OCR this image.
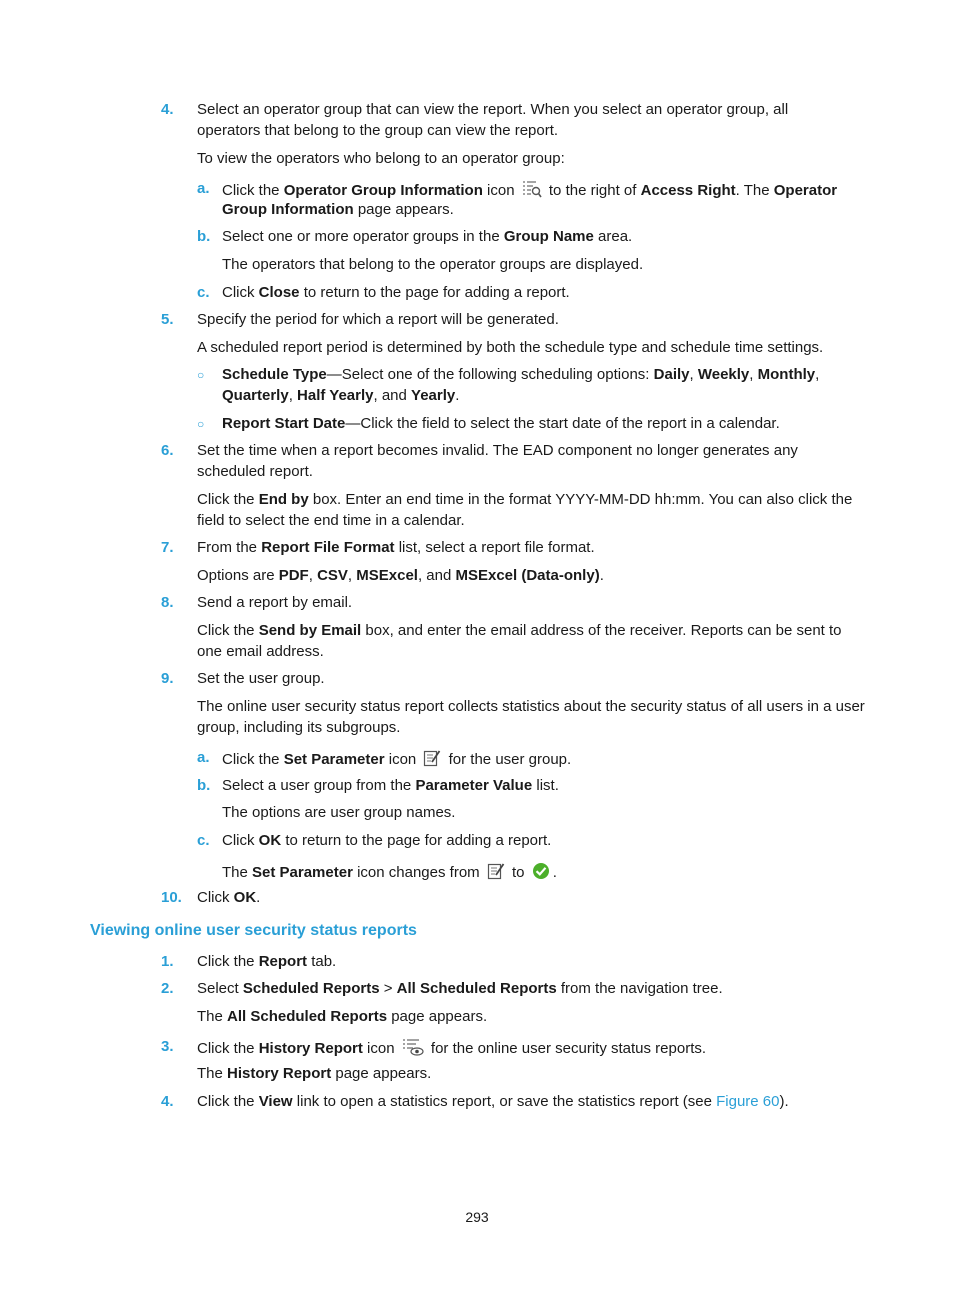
4. Select an operator group that can view the report. When you select an operator group, all
operators that belong to the group can view the report.
To view the operators who belong to an operator group:
a. Click the Operator Group Information icon  to the right of Access Right. The Operator
Group Information page appears.
b. Select one or more operator groups in the Group Name area.
The operators that belong to the operator groups are displayed.
c. Click Close to return to the page for adding a report.
5. Specify the period for which a report will be generated.
A scheduled report period is determined by both the schedule type and schedule time settings.
○ Schedule Type—Select one of the following scheduling options: Daily, Weekly, Monthly,
Quarterly, Half Yearly, and Yearly.
○ Report Start Date—Click the field to select the start date of the report in a calendar.
6. Set the time when a report becomes invalid. The EAD component no longer generates any
scheduled report.
Click the End by box. Enter an end time in the format YYYY-MM-DD hh:mm. You can also click the
field to select the end time in a calendar.
7. From the Report File Format list, select a report file format.
Options are PDF, CSV, MSExcel, and MSExcel (Data-only).
8. Send a report by email.
Click the Send by Email box, and enter the email address of the receiver. Reports can be sent to
one email address.
9. Set the user group.
The online user security status report collects statistics about the security status of all users in a user
group, including its subgroups.
a. Click the Set Parameter icon  for the user group.
b. Select a user group from the Parameter Value list.
The options are user group names.
c. Click OK to return to the page for adding a report.
The Set Parameter icon changes from  to .
10. Click OK.
Viewing online user security status reports
1. Click the Report tab.
2. Select Scheduled Reports > All Scheduled Reports from the navigation tree.
The All Scheduled Reports page appears.
3. Click the History Report icon  for the online user security status reports.
The History Report page appears.
4. Click the View link to open a statistics report, or save the statistics report (see Figure 60).
293
